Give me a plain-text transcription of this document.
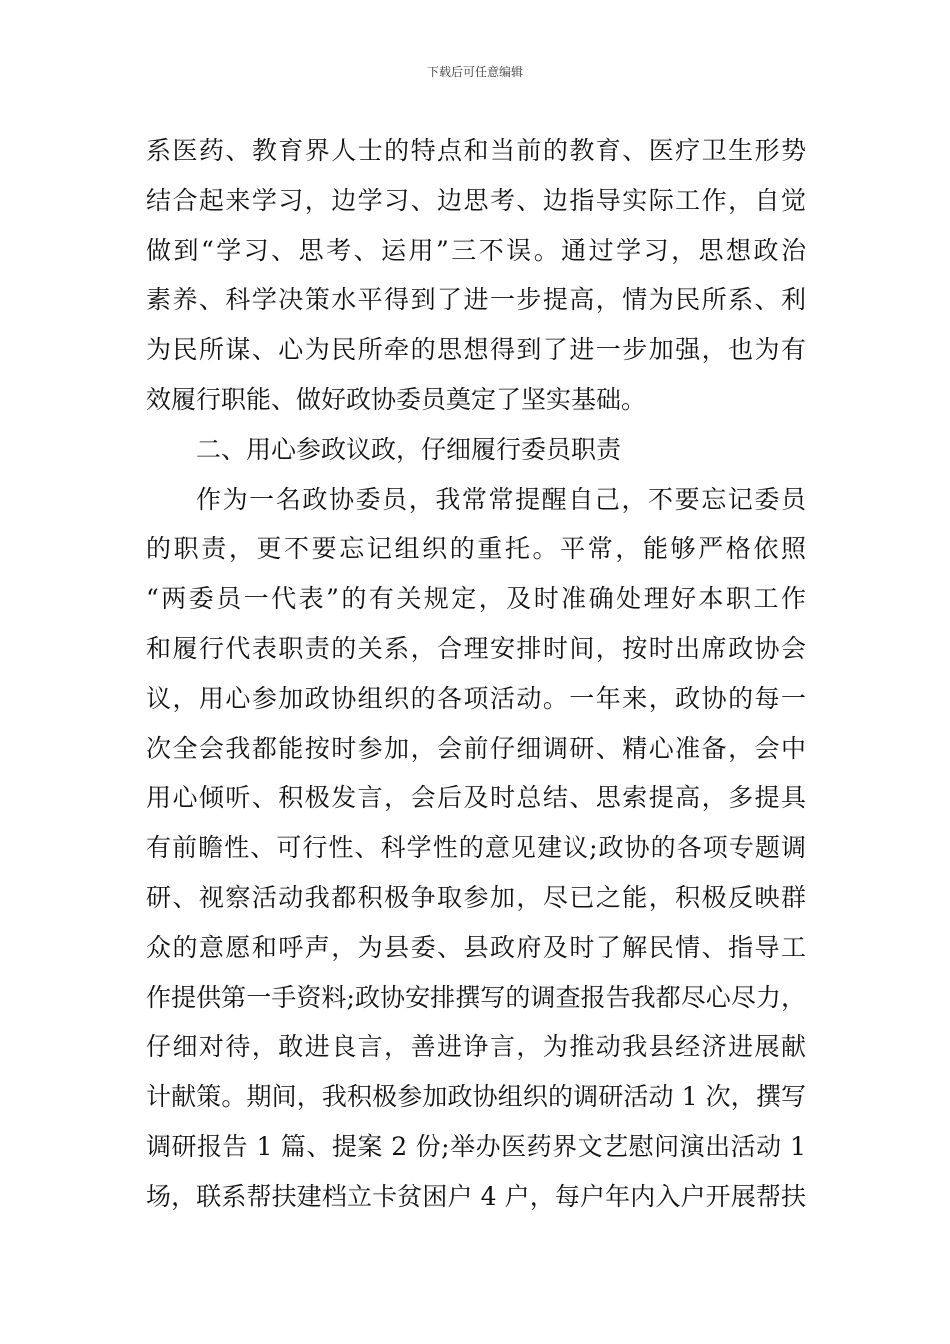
下载后可任意编辑
系医药、教育界人士的特点和当前的教育、医疗卫生形势
结合起来学习，边学习、边思考、边指导实际工作，自觉
做到“学习、思考、运用”三不误。通过学习，思想政治
素养、科学决策水平得到了进一步提高，情为民所系、利
为民所谋、心为民所牵的思想得到了进一步加强，也为有
效履行职能、做好政协委员奠定了坚实基础。
二、用心参政议政，仔细履行委员职责
作为一名政协委员，我常常提醒自己，不要忘记委员
的职责，更不要忘记组织的重托。平常，能够严格依照
“两委员一代表”的有关规定，及时准确处理好本职工作
和履行代表职责的关系，合理安排时间，按时出席政协会
议，用心参加政协组织的各项活动。一年来，政协的每一
次全会我都能按时参加，会前仔细调研、精心准备，会中
用心倾听、积极发言，会后及时总结、思索提高，多提具
有前瞻性、可行性、科学性的意见建议;政协的各项专题调
研、视察活动我都积极争取参加，尽已之能，积极反映群
众的意愿和呼声，为县委、县政府及时了解民情、指导工
作提供第一手资料;政协安排撰写的调查报告我都尽心尽力，
仔细对待，敢进良言，善进诤言，为推动我县经济进展献
计献策。期间，我积极参加政协组织的调研活动 1 次，撰写
调研报告 1 篇、提案 2 份;举办医药界文艺慰问演出活动 1
场，联系帮扶建档立卡贫困户 4 户，每户年内入户开展帮扶
